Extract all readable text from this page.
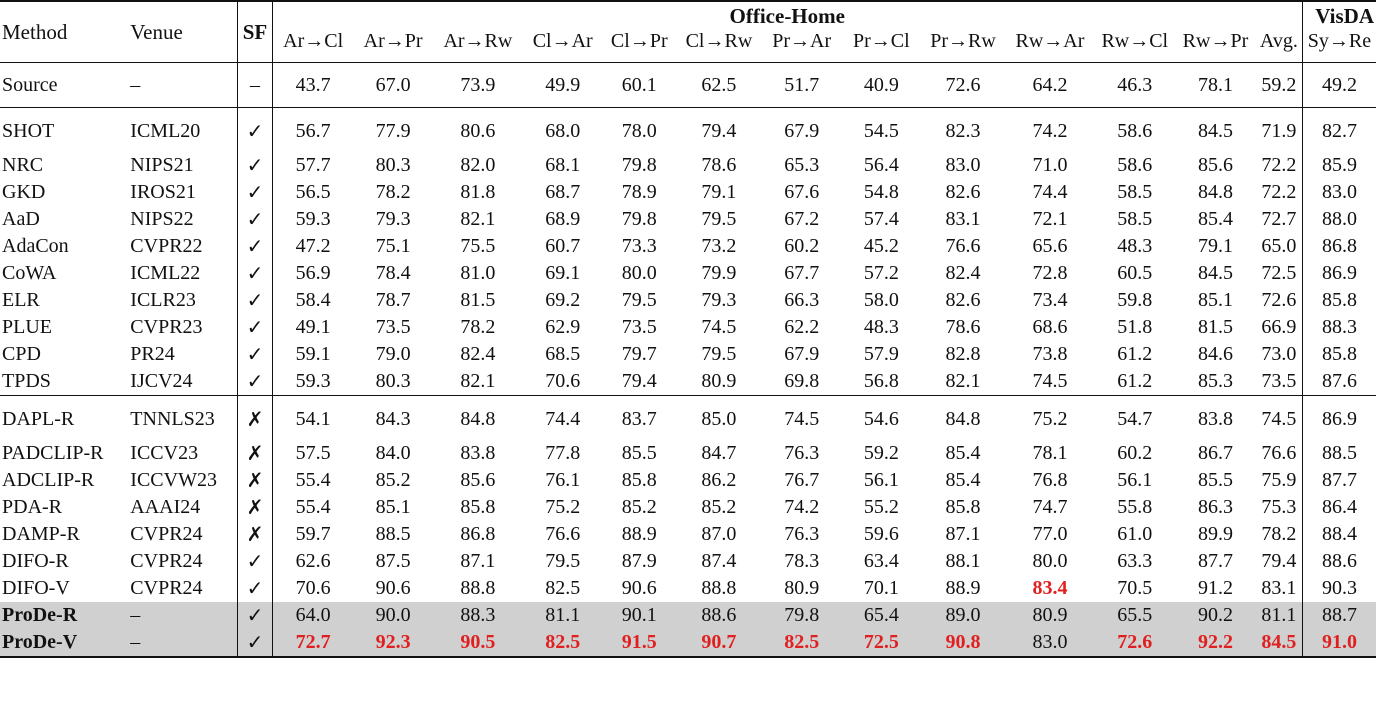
Method	Venue	SF	Office-Home													VisDA
			Ar→Cl	Ar→Pr	Ar→Rw	Cl→Ar	Cl→Pr	Cl→Rw	Pr→Ar	Pr→Cl	Pr→Rw	Rw→Ar	Rw→Cl	Rw→Pr	Avg.	Sy→Re
Source	–	–	43.7	67.0	73.9	49.9	60.1	62.5	51.7	40.9	72.6	64.2	46.3	78.1	59.2	49.2
SHOT	ICML20	✓	56.7	77.9	80.6	68.0	78.0	79.4	67.9	54.5	82.3	74.2	58.6	84.5	71.9	82.7
NRC	NIPS21	✓	57.7	80.3	82.0	68.1	79.8	78.6	65.3	56.4	83.0	71.0	58.6	85.6	72.2	85.9
GKD	IROS21	✓	56.5	78.2	81.8	68.7	78.9	79.1	67.6	54.8	82.6	74.4	58.5	84.8	72.2	83.0
AaD	NIPS22	✓	59.3	79.3	82.1	68.9	79.8	79.5	67.2	57.4	83.1	72.1	58.5	85.4	72.7	88.0
AdaCon	CVPR22	✓	47.2	75.1	75.5	60.7	73.3	73.2	60.2	45.2	76.6	65.6	48.3	79.1	65.0	86.8
CoWA	ICML22	✓	56.9	78.4	81.0	69.1	80.0	79.9	67.7	57.2	82.4	72.8	60.5	84.5	72.5	86.9
ELR	ICLR23	✓	58.4	78.7	81.5	69.2	79.5	79.3	66.3	58.0	82.6	73.4	59.8	85.1	72.6	85.8
PLUE	CVPR23	✓	49.1	73.5	78.2	62.9	73.5	74.5	62.2	48.3	78.6	68.6	51.8	81.5	66.9	88.3
CPD	PR24	✓	59.1	79.0	82.4	68.5	79.7	79.5	67.9	57.9	82.8	73.8	61.2	84.6	73.0	85.8
TPDS	IJCV24	✓	59.3	80.3	82.1	70.6	79.4	80.9	69.8	56.8	82.1	74.5	61.2	85.3	73.5	87.6
DAPL-R	TNNLS23	✗	54.1	84.3	84.8	74.4	83.7	85.0	74.5	54.6	84.8	75.2	54.7	83.8	74.5	86.9
PADCLIP-R	ICCV23	✗	57.5	84.0	83.8	77.8	85.5	84.7	76.3	59.2	85.4	78.1	60.2	86.7	76.6	88.5
ADCLIP-R	ICCVW23	✗	55.4	85.2	85.6	76.1	85.8	86.2	76.7	56.1	85.4	76.8	56.1	85.5	75.9	87.7
PDA-R	AAAI24	✗	55.4	85.1	85.8	75.2	85.2	85.2	74.2	55.2	85.8	74.7	55.8	86.3	75.3	86.4
DAMP-R	CVPR24	✗	59.7	88.5	86.8	76.6	88.9	87.0	76.3	59.6	87.1	77.0	61.0	89.9	78.2	88.4
DIFO-R	CVPR24	✓	62.6	87.5	87.1	79.5	87.9	87.4	78.3	63.4	88.1	80.0	63.3	87.7	79.4	88.6
DIFO-V	CVPR24	✓	70.6	90.6	88.8	82.5	90.6	88.8	80.9	70.1	88.9	83.4	70.5	91.2	83.1	90.3
ProDe-R	–	✓	64.0	90.0	88.3	81.1	90.1	88.6	79.8	65.4	89.0	80.9	65.5	90.2	81.1	88.7
ProDe-V	–	✓	72.7	92.3	90.5	82.5	91.5	90.7	82.5	72.5	90.8	83.0	72.6	92.2	84.5	91.0
